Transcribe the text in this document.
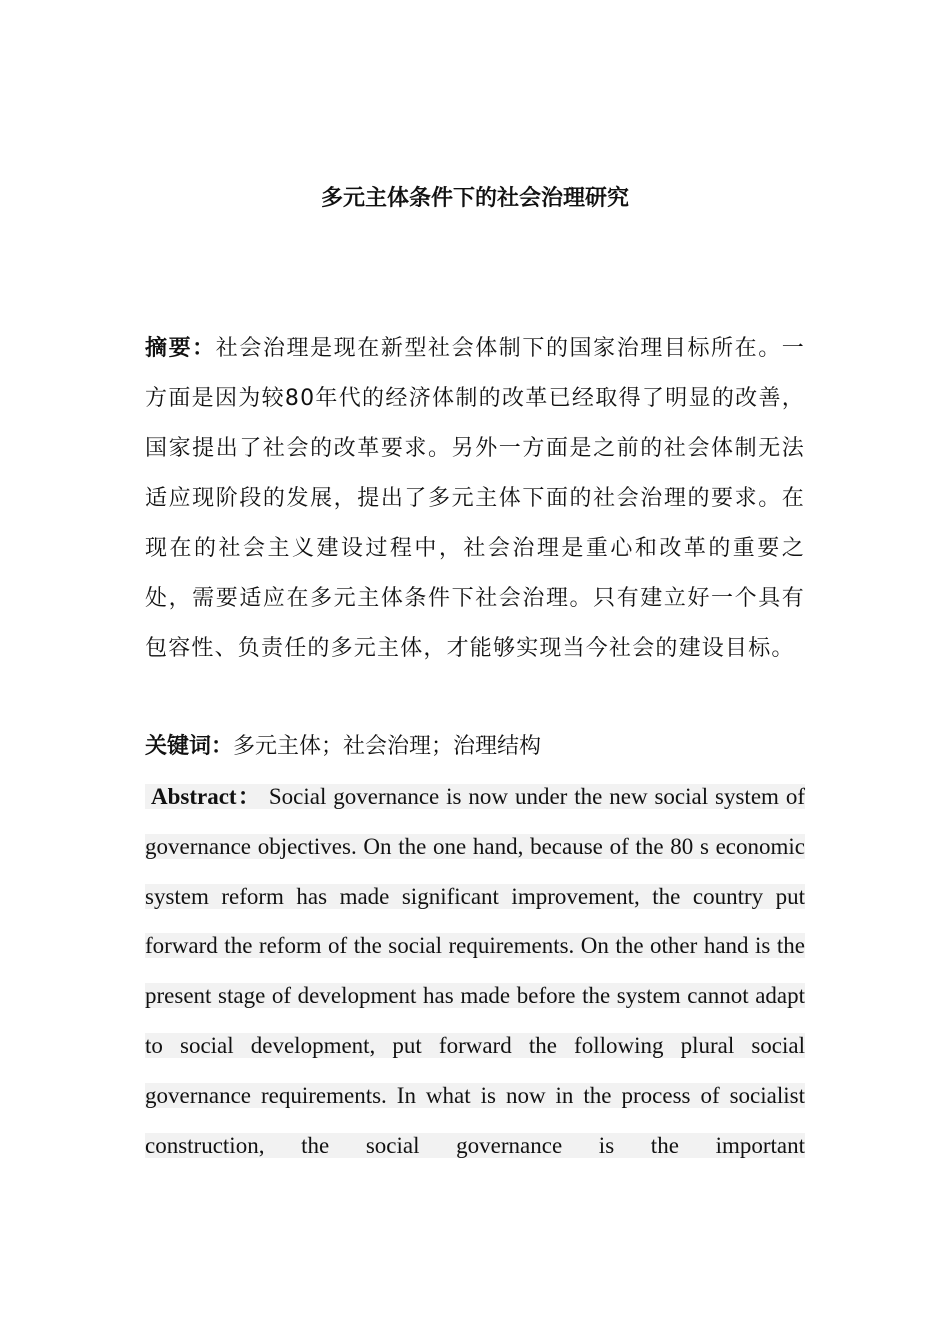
多元主体条件下的社会治理研究

摘要：社会治理是现在新型社会体制下的国家治理目标所在。一方面是因为较80年代的经济体制的改革已经取得了明显的改善，国家提出了社会的改革要求。另外一方面是之前的社会体制无法适应现阶段的发展，提出了多元主体下面的社会治理的要求。在现在的社会主义建设过程中，社会治理是重心和改革的重要之处，需要适应在多元主体条件下社会治理。只有建立好一个具有包容性、负责任的多元主体，才能够实现当今社会的建设目标。

关键词：多元主体；社会治理；治理结构

Abstract： Social governance is now under the new social system of governance objectives. On the one hand, because of the 80 s economic system reform has made significant improvement, the country put forward the reform of the social requirements. On the other hand is the present stage of development has made before the system cannot adapt to social development, put forward the following plural social governance requirements. In what is now in the process of socialist construction, the social governance is the important
